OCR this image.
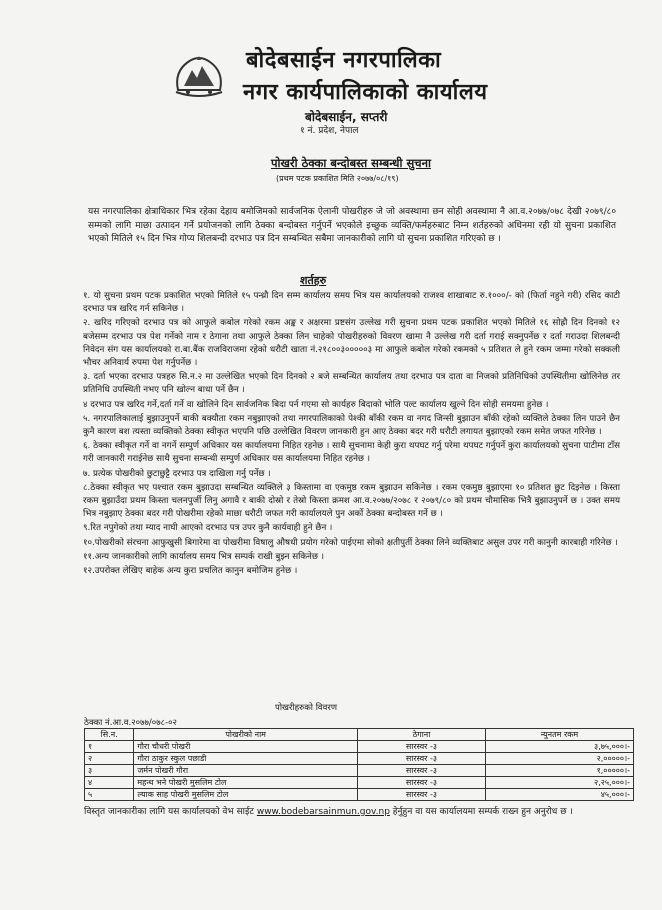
बोदेबसाईन नगरपालिका
नगर कार्यपालिकाको कार्यालय
बोदेबसाईन, सप्तरी
१ नं. प्रदेश, नेपाल
पोखरी ठेक्का बन्दोबस्त सम्बन्धी सुचना
(प्रथम पटक प्रकाशित मिति २०७७/०८/१९)
यस नगरपालिका क्षेत्राधिकार भित्र रहेका देहाय बमोजिमको सार्वजनिक ऐलानी पोखरीहरु जे जो अवस्थामा छन सोही अवस्थामा नै आ.व.२०७७/०७८ देखी २०७९/८० सम्मको लागि माछा उत्पादन गर्ने प्रयोजनको लागि ठेक्का बन्दोबस्त गर्नुपर्ने भएकोले इच्छुक व्यक्ति/फर्महरुबाट निम्न शर्तहरुको अधिनमा रही यो सुचना प्रकाशित भएको मितिले १५ दिन भित्र गोप्य शिलबन्दी दरभाउ पत्र दिन सम्बन्धित सबैमा जानकारीको लागि यो सुचना प्रकाशित गरिएको छ ।
शर्तहरु

१. यो सुचना प्रथम पटक प्रकाशित भएको मितिले १५ पन्ध्रौ दिन सम्म कार्यालय समय भित्र यस कार्यालयको राजश्व शाखाबाट रु.१०००/- को (फिर्ता नहुने गरी) रसिद काटी दरभाउ पत्र खरिद गर्न सकिनेछ ।

२. खरिद गरिएको दरभाउ पत्र को आफुले कबोल गरेको रकम अङ्क र अक्षरमा प्रष्टसंग उल्लेख गरी सुचना प्रथम पटक प्रकाशित भएको मितिले १६ सोह्रौ दिन दिनको १२ बजेसम्म दरभाउ पत्र पेश गर्नेको नाम र ठेगाना तथा आफुले ठेक्का लिन चाहेको पोखरीहरुको विवरण खामा नै उल्लेख गरी दर्ता गराई सक्नुपर्नेछ र दर्ता गराउदा शिलबन्दी निवेदन संग यस कार्यालयको रा.बा.बैंक राजविराजमा रहेको धरौटी खाता नं.२१८००३०००००३ मा आफुले कबोल गरेको रकमको ५ प्रतिशत ले हुने रकम जम्मा गरेको सक्कली भौचर अनिवार्य रुपमा पेश गर्नुपर्नेछ ।

३. दर्ता भएका दरभाउ पत्रहरु सि.न.२ मा उल्लेखित भएको दिन दिनको २ बजे सम्बन्धित कार्यालय तथा दरभाउ पत्र दाता वा निजको प्रतिनिधिको उपस्थितीमा खोलिनेछ तर प्रतिनिधि उपस्थिती नभए पनि खोल्न बाधा पर्ने छैन ।

४ दरभाउ पत्र खरिद गर्ने,दर्ता गर्ने वा खोलिने दिन सार्वजनिक बिदा पर्न गएमा सो कार्यहरु बिदाको भोलि पल्ट कार्यालय खुल्ने दिन सोही समयमा हुनेछ ।

५. नगरपालिकालाई बुझाउनुपर्ने बाकी बक्यौता रकम नबुझाएको तथा नगरपालिकाको पेश्की बाँकी रकम वा नगद जिन्सी बुझाउन बाँकी रहेको व्यक्तिले ठेक्का लिन पाउने छैन कुनै कारण बश त्यस्ता व्यक्तिको ठेक्का स्वीकृत भएपनि पछि उल्लेखित विवरण जानकारी हुन आए ठेक्का बदर गरी धरौटी लगायत बुझाएको रकम समेत जफत गरिनेछ ।

६. ठेक्का स्वीकृत गर्ने वा नगर्ने सम्पुर्ण अधिकार यस कार्यालयमा निहित रहनेछ । साथै सुचनामा केही कुरा थपघट गर्नु परेमा थपघट गर्नुपर्ने कुरा कार्यालयको सुचना पाटीमा टाँस गरी जानकारी गराईनेछ साथै सुचना सम्बन्धी सम्पुर्ण अधिकार यस कार्यालयमा निहित रहनेछ ।

७. प्रत्येक पोखरीको छुटाछुट्टै दरभाउ पत्र दाखिला गर्नु पर्नेछ ।

८.ठेक्का स्वीकृत भए पश्चात रकम बुझाउदा सम्बन्धित व्यक्तिले ३ किस्तामा वा एकमुष्ठ रकम बुझाउन सकिनेछ । रकम एकमुष्ठ बुझाएमा १० प्रतिशत छुट दिइनेछ । किस्ता रकम बुझाउँदा प्रथम किस्ता चलनपुर्जी लिनु अगावै र बाकी दोस्रो र तेस्रो किस्ता क्रमश आ.व.२०७७/२०७८ र २०७९/८० को प्रथम चौमासिक भित्रै बुझाउनुपर्ने छ । उक्त समय भित्र नबुझाए ठेक्का बदर गरी पोखरीमा रहेको माछा धरौटी जफत गरी कार्यालयले पुन अर्को ठेक्का बन्दोबस्त गर्ने छ ।

९.रित नपुगेको तथा म्याद नाघी आएको दरभाउ पत्र उपर कुनै कार्यवाही हुने छैन ।

१०.पोखरीको संरचना आफुखुसी बिगारेमा वा पोखरीमा विषालु औषधी प्रयोग गरेको पाईएमा सोको क्षतीपुर्ती ठेक्का लिने व्यक्तिबाट असुल उपर गरी कानुनी कारबाही गरिनेछ ।

११.अन्य जानकारीको लागि कार्यालय समय भित्र सम्पर्क राखी बुझ्न सकिनेछ ।

१२.उपरोक्त लेखिए बाहेक अन्य कुरा प्रचलित कानुन बमोजिम हुनेछ ।

पोखरीहरुको विवरण
ठेक्का नं.आ.व.२०७७/०७८-०२
सि.न.	पोखरीको नाम	ठेगाना	न्युनतम रकम
१	गौरा चौधरी पोखरी	सारस्वर -३	३,७५,०००।-
२	गौरा ठाकुर स्कुल पछाडी	सारस्वर -३	२,०००००।-
३	जर्मन पोखरी गौरा	सारस्वर -३	१,०००००।-
४	महन्थ भने पोखरी मुसलिम टोल	सारस्वर -३	२,२५,०००।-
५	ल्याक साह पोखरी मुसलिम टोल	सारस्वर -३	४५,०००।-
विस्तृत जानकारीका लागि यस कार्यालयको वेभ साईट www.bodebarsainmun.gov.np हेर्नुहुन वा यस कार्यालयमा सम्पर्क राख्न हुन अनुरोध छ ।
